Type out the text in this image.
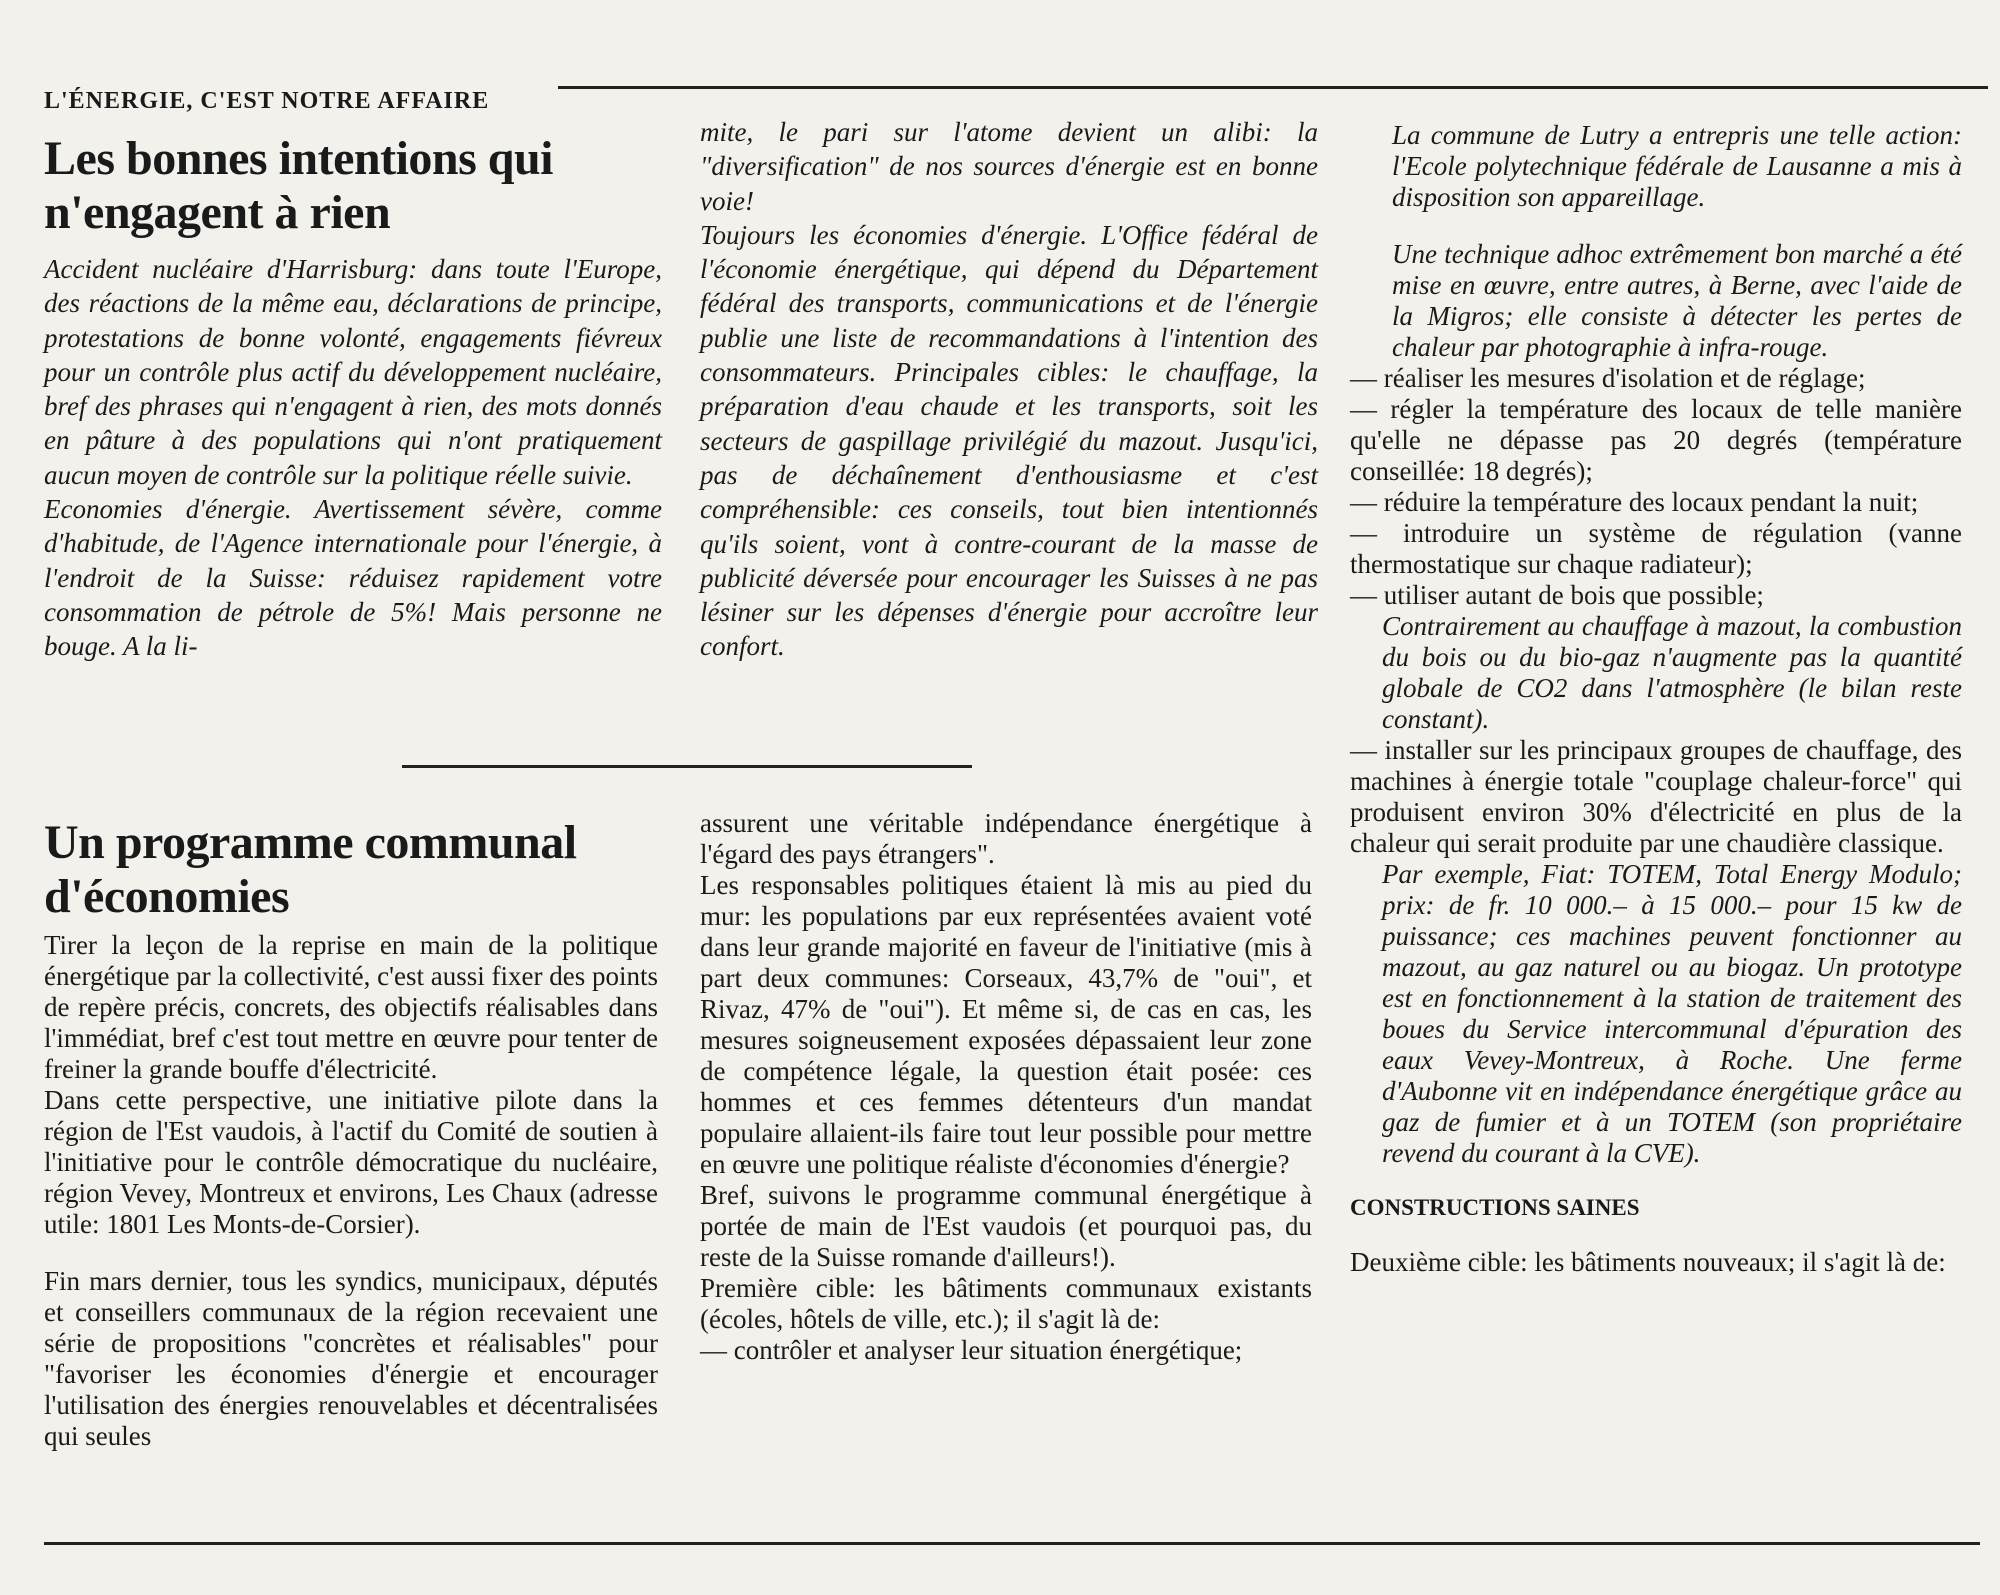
L'ÉNERGIE, C'EST NOTRE AFFAIRE

Les bonnes intentions qui n'engagent à rien

Accident nucléaire d'Harrisburg: dans toute l'Europe, des réactions de la même eau, déclarations de principe, protestations de bonne volonté, engagements fiévreux pour un contrôle plus actif du développement nucléaire, bref des phrases qui n'engagent à rien, des mots donnés en pâture à des populations qui n'ont pratiquement aucun moyen de contrôle sur la politique réelle suivie.

Economies d'énergie. Avertissement sévère, comme d'habitude, de l'Agence internationale pour l'énergie, à l'endroit de la Suisse: réduisez rapidement votre consommation de pétrole de 5%! Mais personne ne bouge. A la li-

mite, le pari sur l'atome devient un alibi: la "diversification" de nos sources d'énergie est en bonne voie!

Toujours les économies d'énergie. L'Office fédéral de l'économie énergétique, qui dépend du Département fédéral des transports, communications et de l'énergie publie une liste de recommandations à l'intention des consommateurs. Principales cibles: le chauffage, la préparation d'eau chaude et les transports, soit les secteurs de gaspillage privilégié du mazout. Jusqu'ici, pas de déchaînement d'enthousiasme et c'est compréhensible: ces conseils, tout bien intentionnés qu'ils soient, vont à contre-courant de la masse de publicité déversée pour encourager les Suisses à ne pas lésiner sur les dépenses d'énergie pour accroître leur confort.

Un programme communal d'économies

Tirer la leçon de la reprise en main de la politique énergétique par la collectivité, c'est aussi fixer des points de repère précis, concrets, des objectifs réalisables dans l'immédiat, bref c'est tout mettre en œuvre pour tenter de freiner la grande bouffe d'électricité.

Dans cette perspective, une initiative pilote dans la région de l'Est vaudois, à l'actif du Comité de soutien à l'initiative pour le contrôle démocratique du nucléaire, région Vevey, Montreux et environs, Les Chaux (adresse utile: 1801 Les Monts-de-Corsier).

Fin mars dernier, tous les syndics, municipaux, députés et conseillers communaux de la région recevaient une série de propositions "concrètes et réalisables" pour "favoriser les économies d'énergie et encourager l'utilisation des énergies renouvelables et décentralisées qui seules

assurent une véritable indépendance énergétique à l'égard des pays étrangers".

Les responsables politiques étaient là mis au pied du mur: les populations par eux représentées avaient voté dans leur grande majorité en faveur de l'initiative (mis à part deux communes: Corseaux, 43,7% de "oui", et Rivaz, 47% de "oui"). Et même si, de cas en cas, les mesures soigneusement exposées dépassaient leur zone de compétence légale, la question était posée: ces hommes et ces femmes détenteurs d'un mandat populaire allaient-ils faire tout leur possible pour mettre en œuvre une politique réaliste d'économies d'énergie?

Bref, suivons le programme communal énergétique à portée de main de l'Est vaudois (et pourquoi pas, du reste de la Suisse romande d'ailleurs!).

Première cible: les bâtiments communaux existants (écoles, hôtels de ville, etc.); il s'agit là de:

— contrôler et analyser leur situation énergétique;

La commune de Lutry a entrepris une telle action: l'Ecole polytechnique fédérale de Lausanne a mis à disposition son appareillage.

Une technique adhoc extrêmement bon marché a été mise en œuvre, entre autres, à Berne, avec l'aide de la Migros; elle consiste à détecter les pertes de chaleur par photographie à infra-rouge.

— réaliser les mesures d'isolation et de réglage;

— régler la température des locaux de telle manière qu'elle ne dépasse pas 20 degrés (température conseillée: 18 degrés);

— réduire la température des locaux pendant la nuit;

— introduire un système de régulation (vanne thermostatique sur chaque radiateur);

— utiliser autant de bois que possible;

Contrairement au chauffage à mazout, la combustion du bois ou du bio-gaz n'augmente pas la quantité globale de CO2 dans l'atmosphère (le bilan reste constant).

— installer sur les principaux groupes de chauffage, des machines à énergie totale "couplage chaleur-force" qui produisent environ 30% d'électricité en plus de la chaleur qui serait produite par une chaudière classique.

Par exemple, Fiat: TOTEM, Total Energy Modulo; prix: de fr. 10 000.– à 15 000.– pour 15 kw de puissance; ces machines peuvent fonctionner au mazout, au gaz naturel ou au biogaz. Un prototype est en fonctionnement à la station de traitement des boues du Service intercommunal d'épuration des eaux Vevey-Montreux, à Roche. Une ferme d'Aubonne vit en indépendance énergétique grâce au gaz de fumier et à un TOTEM (son propriétaire revend du courant à la CVE).

CONSTRUCTIONS SAINES

Deuxième cible: les bâtiments nouveaux; il s'agit là de:
